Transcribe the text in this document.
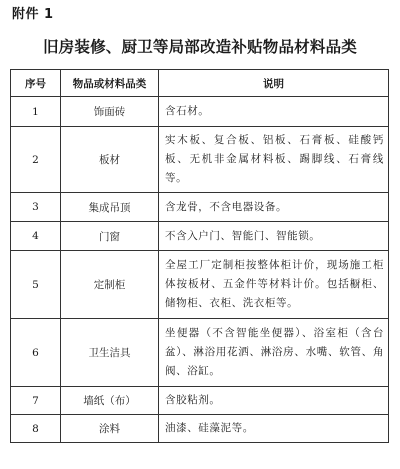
附件 1
旧房装修、厨卫等局部改造补贴物品材料品类
序号	物品或材料品类	说明
1	饰面砖	含石材。
2	板材	实木板、复合板、铝板、石膏板、硅酸钙板、无机非金属材料板、踢脚线、石膏线等。
3	集成吊顶	含龙骨，不含电器设备。
4	门窗	不含入户门、智能门、智能锁。
5	定制柜	全屋工厂定制柜按整体柜计价，现场施工柜体按板材、五金件等材料计价。包括橱柜、储物柜、衣柜、洗衣柜等。
6	卫生洁具	坐便器（不含智能坐便器）、浴室柜（含台盆）、淋浴用花洒、淋浴房、水嘴、软管、角阀、浴缸。
7	墙纸（布）	含胶粘剂。
8	涂料	油漆、硅藻泥等。
